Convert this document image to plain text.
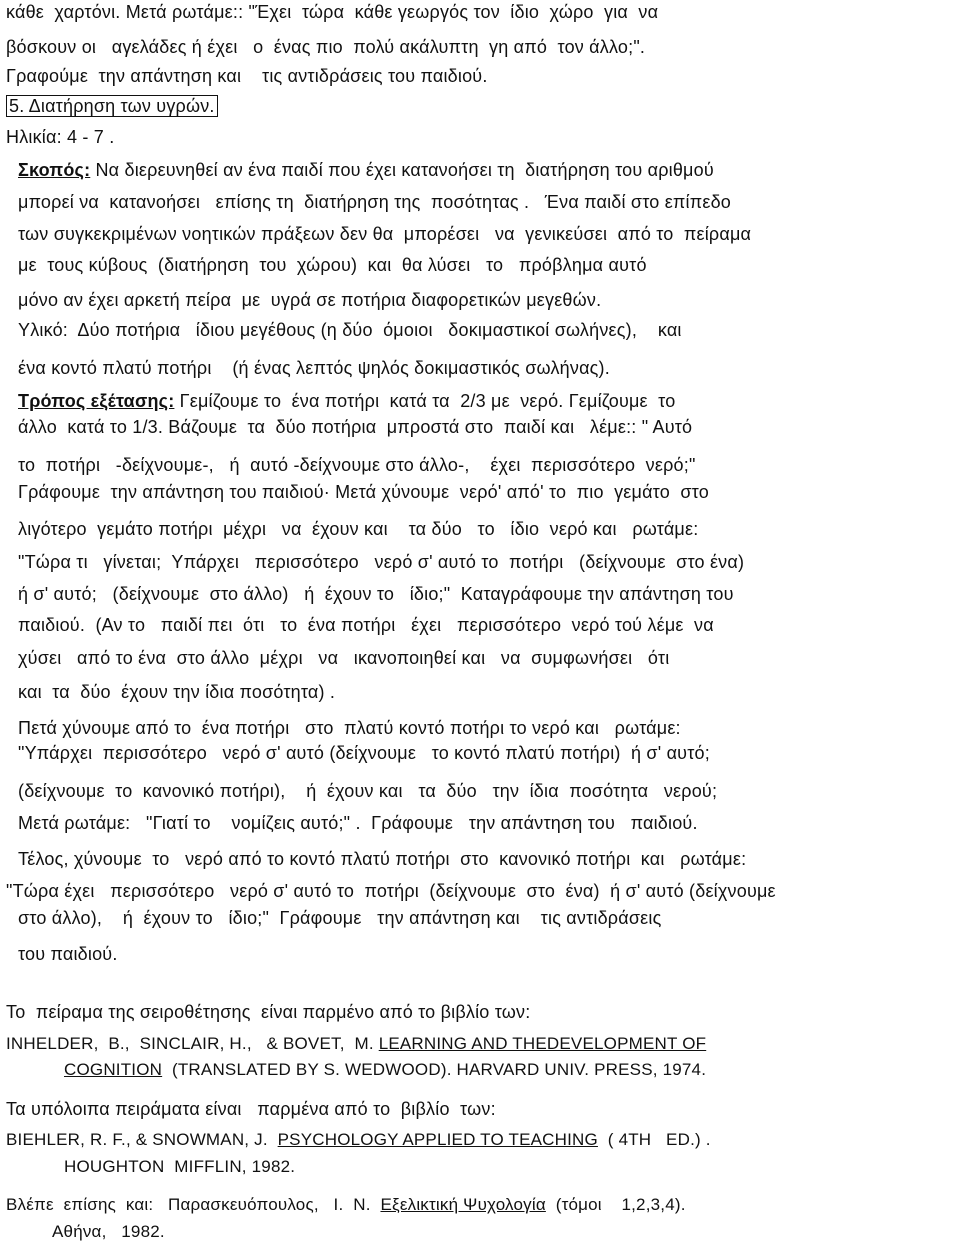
κάθε  χαρτόνι. Μετά ρωτάμε:: "Έχει  τώρα  κάθε γεωργός τον  ίδιο  χώρο  για  να
βόσκουν οι   αγελάδες ή έχει   ο  ένας πιο  πολύ ακάλυπτη  γη από  τον άλλο;".
Γραφούμε  την απάντηση και    τις αντιδράσεις του παιδιού.
5. Διατήρηση των υγρών.
Ηλικία: 4 - 7 .
Σκοπός: Να διερευνηθεί αν ένα παιδί που έχει κατανοήσει τη  διατήρηση του αριθμού
μπορεί να  κατανοήσει   επίσης τη  διατήρηση της  ποσότητας .   Ένα παιδί στο επίπεδο
των συγκεκριμένων νοητικών πράξεων δεν θα  μπορέσει   να  γενικεύσει  από το  πείραμα
με  τους κύβους  (διατήρηση  του  χώρου)  και  θα λύσει   το   πρόβλημα αυτό
μόνο αν έχει αρκετή πείρα  με  υγρά σε ποτήρια διαφορετικών μεγεθών.
Υλικό:  Δύο ποτήρια   ίδιου μεγέθους (η δύο  όμοιοι   δοκιμαστικοί σωλήνες),    και
ένα κοντό πλατύ ποτήρι    (ή ένας λεπτός ψηλός δοκιμαστικός σωλήνας).
Τρόπος εξέτασης: Γεμίζουμε το  ένα ποτήρι  κατά τα  2/3 με  νερό. Γεμίζουμε  το
άλλο  κατά το 1/3. Βάζουμε  τα  δύο ποτήρια  μπροστά στο  παιδί και   λέμε:: " Αυτό
το  ποτήρι   -δείχνουμε-,   ή  αυτό -δείχνουμε στο άλλο-,    έχει  περισσότερο  νερό;"
Γράφουμε  την απάντηση του παιδιού· Μετά χύνουμε  νερό' από' το  πιο  γεμάτο  στο
λιγότερο  γεμάτο ποτήρι  μέχρι   να  έχουν και    τα δύο   το   ίδιο  νερό και   ρωτάμε:
"Τώρα τι   γίνεται;  Υπάρχει   περισσότερο   νερό σ' αυτό το  ποτήρι   (δείχνουμε  στο ένα)
ή σ' αυτό;   (δείχνουμε  στο άλλο)   ή  έχουν το   ίδιο;"  Καταγράφουμε την απάντηση του
παιδιού.  (Αν το   παιδί πει  ότι   το  ένα ποτήρι   έχει   περισσότερο  νερό τού λέμε  να
χύσει   από το ένα  στο άλλο  μέχρι   να   ικανοποιηθεί και   να  συμφωνήσει   ότι
και  τα  δύο  έχουν την ίδια ποσότητα) .
Πετά χύνουμε από το  ένα ποτήρι   στο  πλατύ κοντό ποτήρι το νερό και   ρωτάμε:
"Υπάρχει  περισσότερο   νερό σ' αυτό (δείχνουμε   το κοντό πλατύ ποτήρι)  ή σ' αυτό;
(δείχνουμε  το  κανονικό ποτήρι),    ή  έχουν και   τα  δύο   την  ίδια  ποσότητα   νερού;
Μετά ρωτάμε:   "Γιατί το    νομίζεις αυτό;" .  Γράφουμε   την απάντηση του   παιδιού.
Τέλος, χύνουμε  το   νερό από το κοντό πλατύ ποτήρι  στο  κανονικό ποτήρι  και   ρωτάμε:
"Τώρα έχει   περισσότερο   νερό σ' αυτό το  ποτήρι  (δείχνουμε  στο  ένα)  ή σ' αυτό (δείχνουμε
στο άλλο),    ή  έχουν το   ίδιο;"  Γράφουμε   την απάντηση και    τις αντιδράσεις
του παιδιού.
Το  πείραμα της σειροθέτησης  είναι παρμένο από το βιβλίο των:
INHELDER,  B.,  SINCLAIR, H.,   & BOVET,  M. LEARNING AND THEDEVELOPMENT OF
COGNITION  (TRANSLATED BY S. WEDWOOD). HARVARD UNIV. PRESS, 1974.
Τα υπόλοιπα πειράματα είναι   παρμένα από το  βιβλίο  των:
BIEHLER, R. F., & SNOWMAN, J.  PSYCHOLOGY APPLIED TO TEACHING  ( 4TH   ED.) .
HOUGHTON  MIFFLIN, 1982.
Βλέπε  επίσης  και:   Παρασκευόπουλος,   Ι.  Ν.  Εξελικτική Ψυχολογία  (τόμοι    1,2,3,4).
Αθήνα,   1982.
